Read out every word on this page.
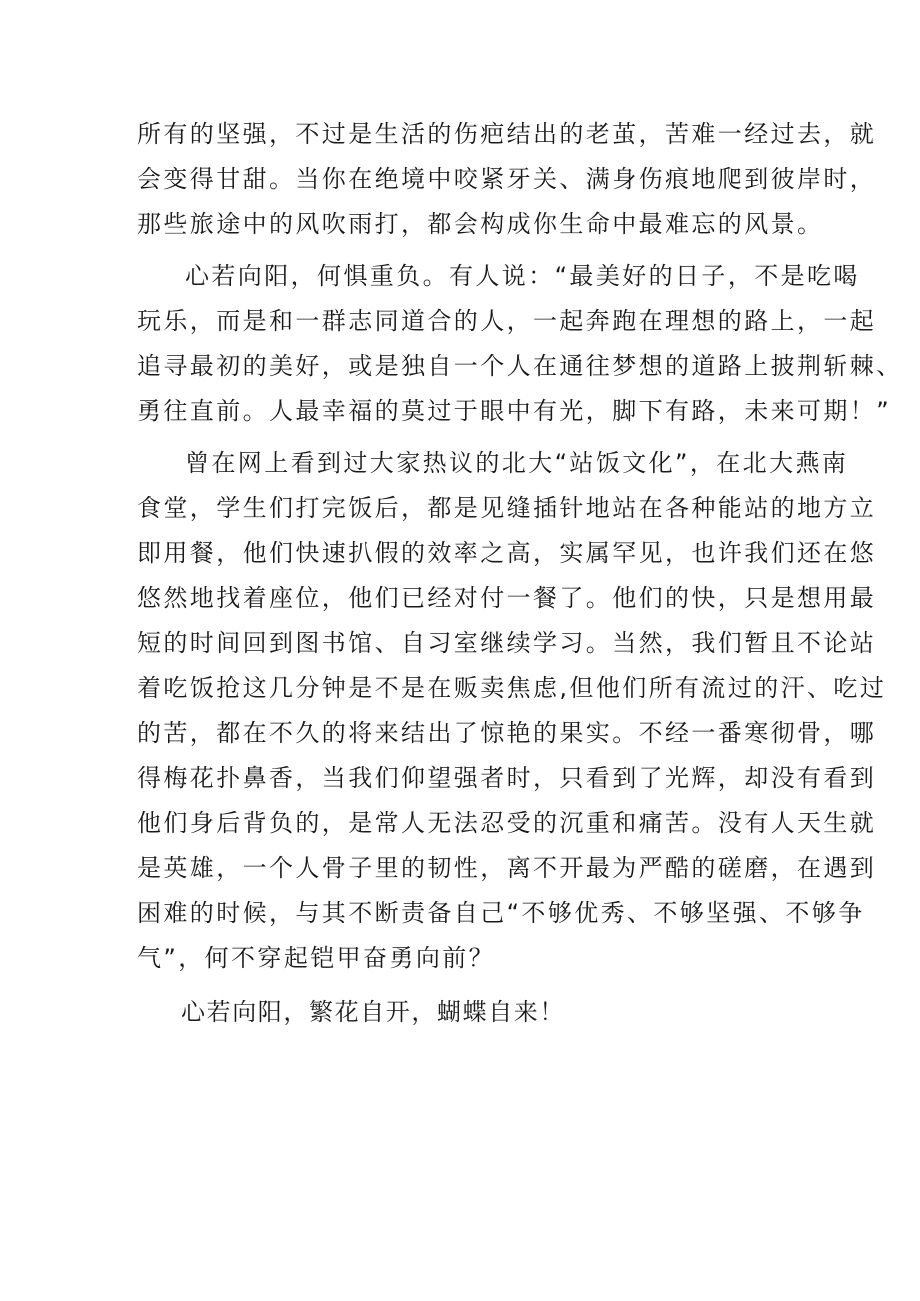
所有的坚强，不过是生活的伤疤结出的老茧，苦难一经过去，就
会变得甘甜。当你在绝境中咬紧牙关、满身伤痕地爬到彼岸时，
那些旅途中的风吹雨打，都会构成你生命中最难忘的风景。
心若向阳，何惧重负。有人说：“最美好的日子，不是吃喝
玩乐，而是和一群志同道合的人，一起奔跑在理想的路上，一起
追寻最初的美好，或是独自一个人在通往梦想的道路上披荆斩棘、
勇往直前。人最幸福的莫过于眼中有光，脚下有路，未来可期！”
曾在网上看到过大家热议的北大“站饭文化”，在北大燕南
食堂，学生们打完饭后，都是见缝插针地站在各种能站的地方立
即用餐，他们快速扒假的效率之高，实属罕见，也许我们还在悠
悠然地找着座位，他们已经对付一餐了。他们的快，只是想用最
短的时间回到图书馆、自习室继续学习。当然，我们暂且不论站
着吃饭抢这几分钟是不是在贩卖焦虑,但他们所有流过的汗、吃过
的苦，都在不久的将来结出了惊艳的果实。不经一番寒彻骨，哪
得梅花扑鼻香，当我们仰望强者时，只看到了光辉，却没有看到
他们身后背负的，是常人无法忍受的沉重和痛苦。没有人天生就
是英雄，一个人骨子里的韧性，离不开最为严酷的磋磨，在遇到
困难的时候，与其不断责备自己“不够优秀、不够坚强、不够争
气”，何不穿起铠甲奋勇向前？
心若向阳，繁花自开，蝴蝶自来！
